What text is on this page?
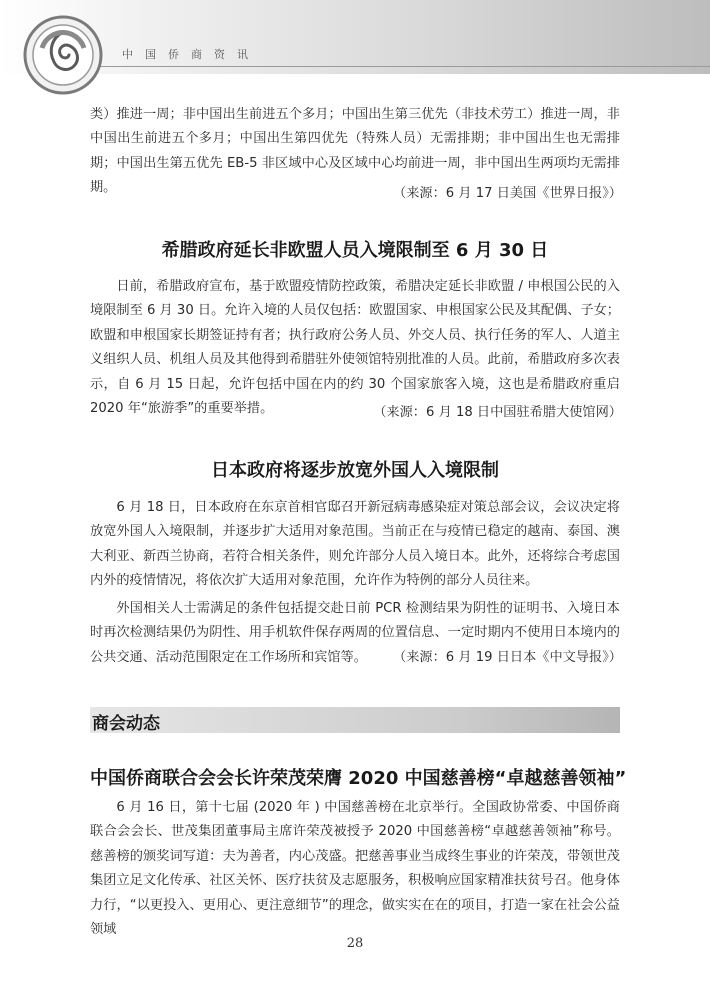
中国侨商资讯

类）推进一周；非中国出生前进五个多月；中国出生第三优先（非技术劳工）推进一周，非中国出生前进五个多月；中国出生第四优先（特殊人员）无需排期；非中国出生也无需排期；中国出生第五优先 EB-5 非区域中心及区域中心均前进一周，非中国出生两项均无需排期。	（来源：6 月 17 日美国《世界日报》）
希腊政府延长非欧盟人员入境限制至 6 月 30 日

日前，希腊政府宣布，基于欧盟疫情防控政策，希腊决定延长非欧盟 / 申根国公民的入境限制至 6 月 30 日。允许入境的人员仅包括：欧盟国家、申根国家公民及其配偶、子女；欧盟和申根国家长期签证持有者；执行政府公务人员、外交人员、执行任务的军人、人道主义组织人员、机组人员及其他得到希腊驻外使领馆特别批准的人员。此前，希腊政府多次表示，自 6 月 15 日起，允许包括中国在内的约 30 个国家旅客入境，这也是希腊政府重启 2020 年“旅游季”的重要举措。	（来源：6 月 18 日中国驻希腊大使馆网）
日本政府将逐步放宽外国人入境限制

6 月 18 日，日本政府在东京首相官邸召开新冠病毒感染症对策总部会议，会议决定将放宽外国人入境限制，并逐步扩大适用对象范围。当前正在与疫情已稳定的越南、泰国、澳大利亚、新西兰协商，若符合相关条件，则允许部分人员入境日本。此外，还将综合考虑国内外的疫情情况，将依次扩大适用对象范围，允许作为特例的部分人员往来。

外国相关人士需满足的条件包括提交赴日前 PCR 检测结果为阴性的证明书、入境日本时再次检测结果仍为阴性、用手机软件保存两周的位置信息、一定时期内不使用日本境内的公共交通、活动范围限定在工作场所和宾馆等。	（来源：6 月 19 日日本《中文导报》）
商会动态
中国侨商联合会会长许荣茂荣膺 2020 中国慈善榜“卓越慈善领袖”

6 月 16 日，第十七届 (2020 年 ) 中国慈善榜在北京举行。全国政协常委、中国侨商联合会会长、世茂集团董事局主席许荣茂被授予 2020 中国慈善榜“卓越慈善领袖”称号。慈善榜的颁奖词写道：夫为善者，内心茂盛。把慈善事业当成终生事业的许荣茂，带领世茂集团立足文化传承、社区关怀、医疗扶贫及志愿服务，积极响应国家精准扶贫号召。他身体力行，“以更投入、更用心、更注意细节”的理念，做实实在在的项目，打造一家在社会公益领域

28
